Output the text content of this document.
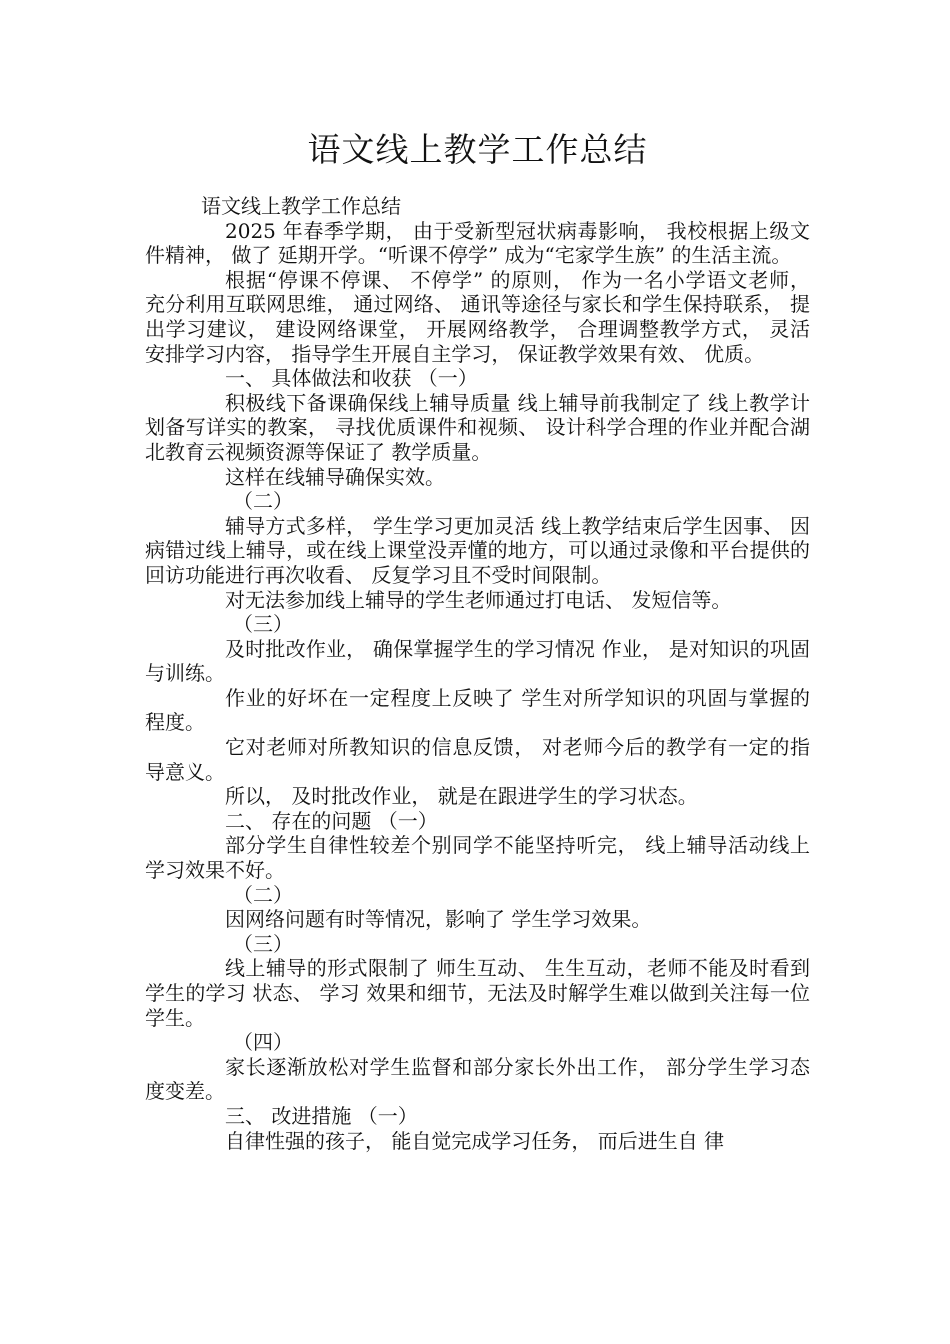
语文线上教学工作总结

语文线上教学工作总结

2025 年春季学期， 由于受新型冠状病毒影响， 我校根据上级文件精神， 做了 延期开学。“听课不停学” 成为“宅家学生族” 的生活主流。

根据“停课不停课、 不停学” 的原则， 作为一名小学语文老师， 充分利用互联网思维， 通过网络、 通讯等途径与家长和学生保持联系， 提出学习建议， 建设网络课堂， 开展网络教学， 合理调整教学方式， 灵活安排学习内容， 指导学生开展自主学习， 保证教学效果有效、 优质。

一、 具体做法和收获 （一）

积极线下备课确保线上辅导质量 线上辅导前我制定了 线上教学计划备写详实的教案， 寻找优质课件和视频、 设计科学合理的作业并配合湖北教育云视频资源等保证了 教学质量。

这样在线辅导确保实效。

（二）

辅导方式多样， 学生学习更加灵活 线上教学结束后学生因事、 因病错过线上辅导，或在线上课堂没弄懂的地方，可以通过录像和平台提供的回访功能进行再次收看、 反复学习且不受时间限制。

对无法参加线上辅导的学生老师通过打电话、 发短信等。

（三）

及时批改作业， 确保掌握学生的学习情况 作业， 是对知识的巩固与训练。

作业的好坏在一定程度上反映了 学生对所学知识的巩固与掌握的程度。

它对老师对所教知识的信息反馈， 对老师今后的教学有一定的指导意义。

所以， 及时批改作业， 就是在跟进学生的学习状态。

二、 存在的问题 （一）

部分学生自律性较差个别同学不能坚持听完， 线上辅导活动线上学习效果不好。

（二）

因网络问题有时等情况，影响了 学生学习效果。

（三）

线上辅导的形式限制了 师生互动、 生生互动，老师不能及时看到学生的学习 状态、 学习 效果和细节，无法及时解学生难以做到关注每一位学生。

（四）

家长逐渐放松对学生监督和部分家长外出工作， 部分学生学习态度变差。

三、 改进措施 （一）

自律性强的孩子， 能自觉完成学习任务， 而后进生自 律
